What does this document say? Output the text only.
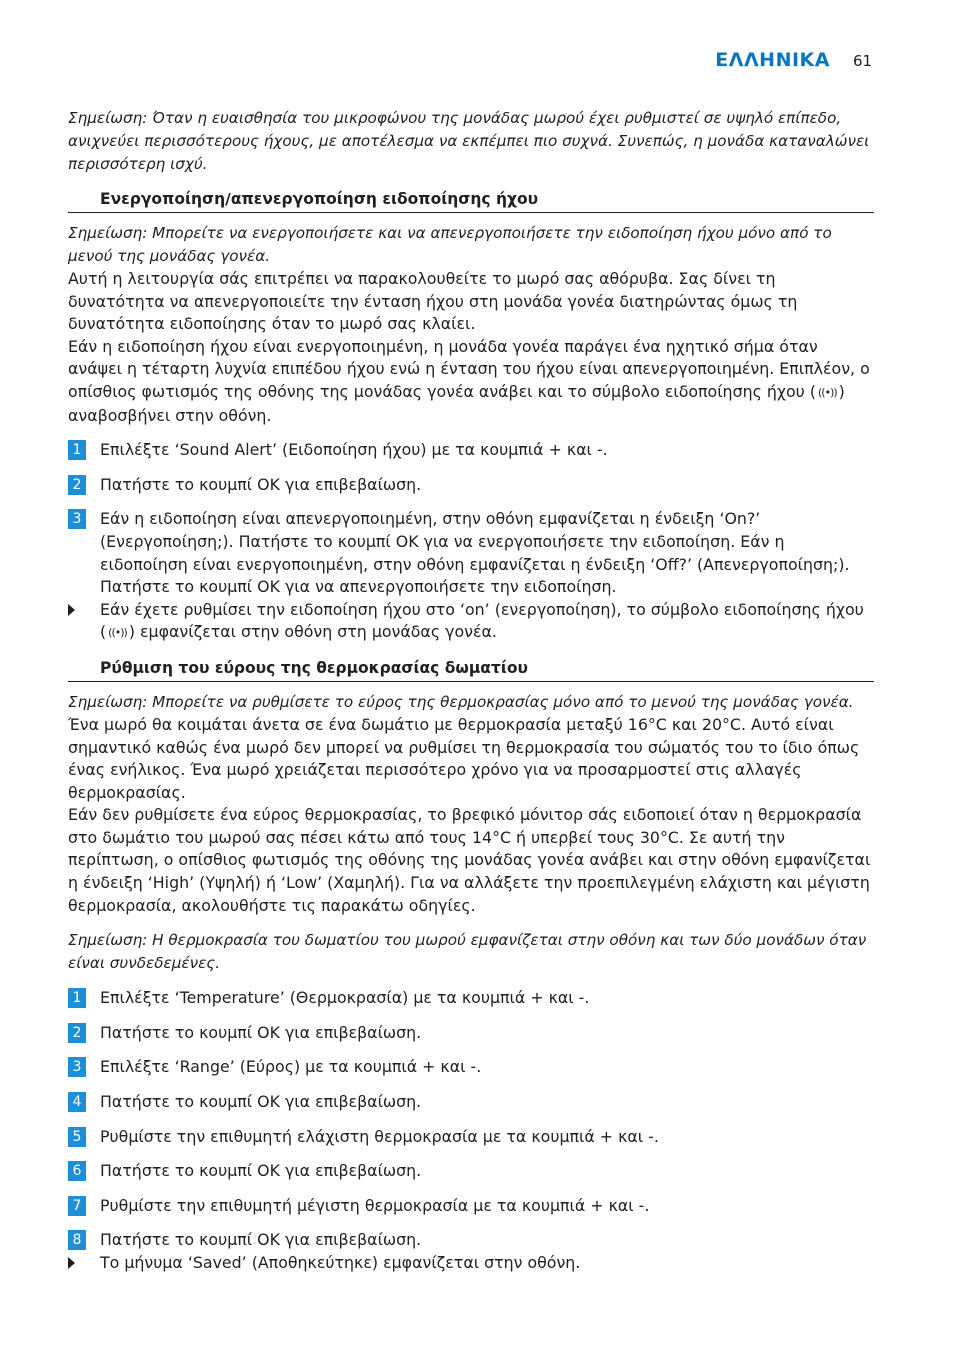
ΕΛΛΗΝΙΚΑ 61

Σημείωση: Όταν η ευαισθησία του μικροφώνου της μονάδας μωρού έχει ρυθμιστεί σε υψηλό επίπεδο, ανιχνεύει περισσότερους ήχους, με αποτέλεσμα να εκπέμπει πιο συχνά. Συνεπώς, η μονάδα καταναλώνει περισσότερη ισχύ.

Ενεργοποίηση/απενεργοποίηση ειδοποίησης ήχου

Σημείωση: Μπορείτε να ενεργοποιήσετε και να απενεργοποιήσετε την ειδοποίηση ήχου μόνο από το μενού της μονάδας γονέα.

Αυτή η λειτουργία σάς επιτρέπει να παρακολουθείτε το μωρό σας αθόρυβα. Σας δίνει τη δυνατότητα να απενεργοποιείτε την ένταση ήχου στη μονάδα γονέα διατηρώντας όμως τη δυνατότητα ειδοποίησης όταν το μωρό σας κλαίει.

Εάν η ειδοποίηση ήχου είναι ενεργοποιημένη, η μονάδα γονέα παράγει ένα ηχητικό σήμα όταν ανάψει η τέταρτη λυχνία επιπέδου ήχου ενώ η ένταση του ήχου είναι απενεργοποιημένη. Επιπλέον, ο οπίσθιος φωτισμός της οθόνης της μονάδας γονέα ανάβει και το σύμβολο ειδοποίησης ήχου ( ((•)) ) αναβοσβήνει στην οθόνη.

1 Επιλέξτε ‘Sound Alert’ (Ειδοποίηση ήχου) με τα κουμπιά + και -.
2 Πατήστε το κουμπί OK για επιβεβαίωση.
3 Εάν η ειδοποίηση είναι απενεργοποιημένη, στην οθόνη εμφανίζεται η ένδειξη ‘On?’ (Ενεργοποίηση;). Πατήστε το κουμπί OK για να ενεργοποιήσετε την ειδοποίηση. Εάν η ειδοποίηση είναι ενεργοποιημένη, στην οθόνη εμφανίζεται η ένδειξη ‘Off?’ (Απενεργοποίηση;). Πατήστε το κουμπί OK για να απενεργοποιήσετε την ειδοποίηση.
Εάν έχετε ρυθμίσει την ειδοποίηση ήχου στο ‘on’ (ενεργοποίηση), το σύμβολο ειδοποίησης ήχου ( ((•)) ) εμφανίζεται στην οθόνη στη μονάδας γονέα.
Ρύθμιση του εύρους της θερμοκρασίας δωματίου

Σημείωση: Μπορείτε να ρυθμίσετε το εύρος της θερμοκρασίας μόνο από το μενού της μονάδας γονέα.

Ένα μωρό θα κοιμάται άνετα σε ένα δωμάτιο με θερμοκρασία μεταξύ 16°C και 20°C. Αυτό είναι σημαντικό καθώς ένα μωρό δεν μπορεί να ρυθμίσει τη θερμοκρασία του σώματός του το ίδιο όπως ένας ενήλικος. Ένα μωρό χρειάζεται περισσότερο χρόνο για να προσαρμοστεί στις αλλαγές θερμοκρασίας.

Εάν δεν ρυθμίσετε ένα εύρος θερμοκρασίας, το βρεφικό μόνιτορ σάς ειδοποιεί όταν η θερμοκρασία στο δωμάτιο του μωρού σας πέσει κάτω από τους 14°C ή υπερβεί τους 30°C. Σε αυτή την περίπτωση, ο οπίσθιος φωτισμός της οθόνης της μονάδας γονέα ανάβει και στην οθόνη εμφανίζεται η ένδειξη ‘High’ (Υψηλή) ή ‘Low’ (Χαμηλή). Για να αλλάξετε την προεπιλεγμένη ελάχιστη και μέγιστη θερμοκρασία, ακολουθήστε τις παρακάτω οδηγίες.

Σημείωση: Η θερμοκρασία του δωματίου του μωρού εμφανίζεται στην οθόνη και των δύο μονάδων όταν είναι συνδεδεμένες.

1 Επιλέξτε ‘Temperature’ (Θερμοκρασία) με τα κουμπιά + και -.
2 Πατήστε το κουμπί OK για επιβεβαίωση.
3 Επιλέξτε ‘Range’ (Εύρος) με τα κουμπιά + και -.
4 Πατήστε το κουμπί OK για επιβεβαίωση.
5 Ρυθμίστε την επιθυμητή ελάχιστη θερμοκρασία με τα κουμπιά + και -.
6 Πατήστε το κουμπί OK για επιβεβαίωση.
7 Ρυθμίστε την επιθυμητή μέγιστη θερμοκρασία με τα κουμπιά + και -.
8 Πατήστε το κουμπί OK για επιβεβαίωση.
Το μήνυμα ‘Saved’ (Αποθηκεύτηκε) εμφανίζεται στην οθόνη.
